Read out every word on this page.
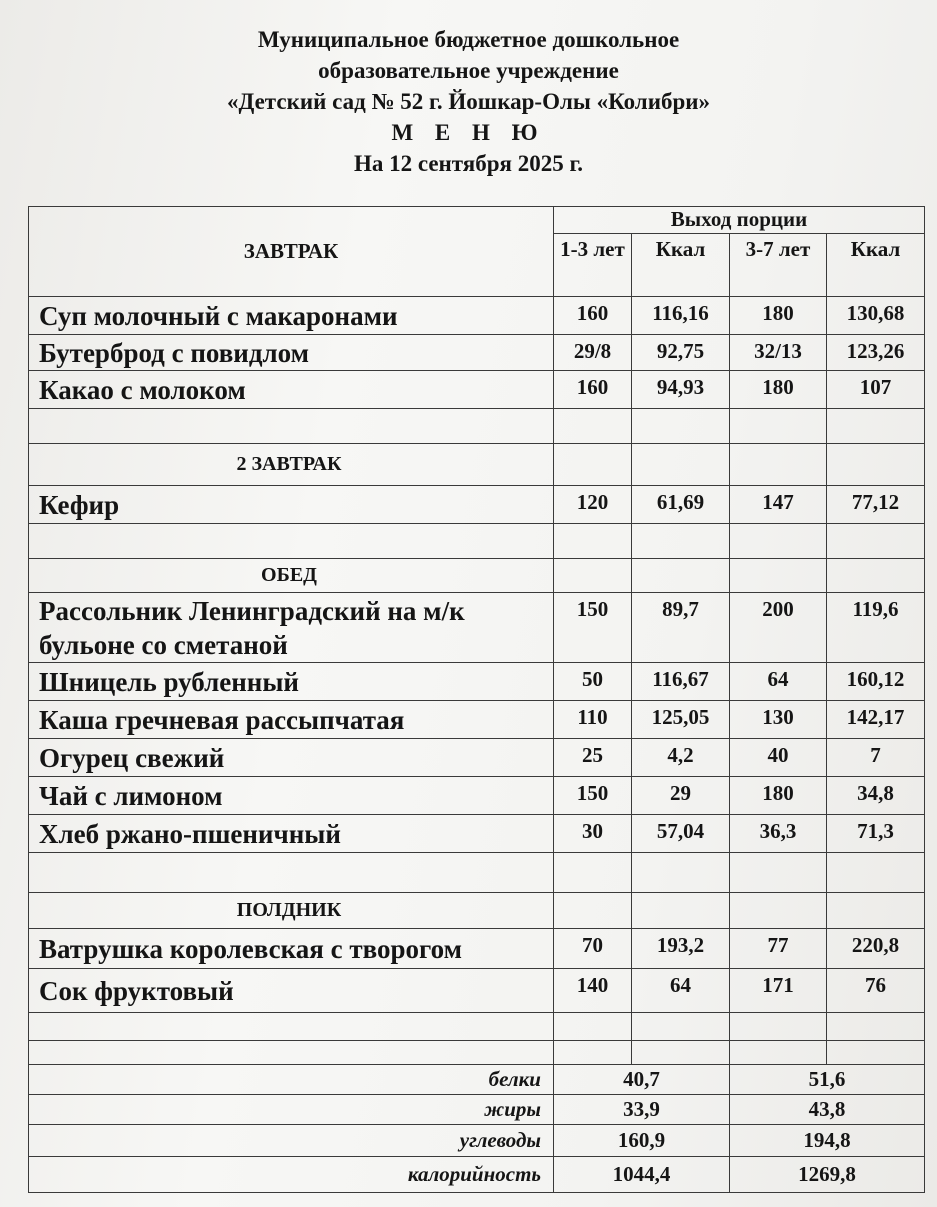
Муниципальное бюджетное дошкольное
образовательное учреждение
«Детский сад № 52 г. Йошкар-Олы «Колибри»
М Е Н Ю
На 12 сентября 2025 г.
ЗАВТРАК	Выход порции			
	1-3 лет	Ккал	3-7 лет	Ккал
Суп молочный с макаронами	160	116,16	180	130,68
Бутерброд с повидлом	29/8	92,75	32/13	123,26
Какао с молоком	160	94,93	180	107

2 ЗАВТРАК				
Кефир	120	61,69	147	77,12

ОБЕД				
Рассольник Ленинградский на м/к бульоне со сметаной	150	89,7	200	119,6
Шницель рубленный	50	116,67	64	160,12
Каша гречневая рассыпчатая	110	125,05	130	142,17
Огурец свежий	25	4,2	40	7
Чай с лимоном	150	29	180	34,8
Хлеб ржано-пшеничный	30	57,04	36,3	71,3

ПОЛДНИК				
Ватрушка королевская с творогом	70	193,2	77	220,8
Сок фруктовый	140	64	171	76

белки	40,7		51,6	
жиры	33,9		43,8	
углеводы	160,9		194,8	
калорийность	1044,4		1269,8	
